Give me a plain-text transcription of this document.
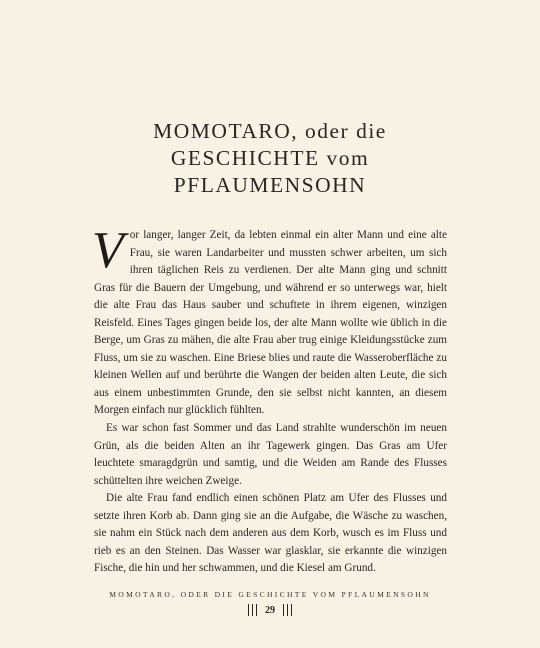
MOMOTARO, oder die
GESCHICHTE vom
PFLAUMENSOHN

Vor langer, langer Zeit, da lebten einmal ein alter Mann und eine alte Frau, sie waren Landarbeiter und mussten schwer arbeiten, um sich ihren täglichen Reis zu verdienen. Der alte Mann ging und schnitt Gras für die Bauern der Umgebung, und während er so unterwegs war, hielt die alte Frau das Haus sauber und schuftete in ihrem eigenen, winzigen Reisfeld. Eines Tages gingen beide los, der alte Mann wollte wie üblich in die Berge, um Gras zu mähen, die alte Frau aber trug einige Kleidungsstücke zum Fluss, um sie zu waschen. Eine Briese blies und raute die Wasseroberfläche zu kleinen Wellen auf und berührte die Wangen der beiden alten Leute, die sich aus einem unbestimmten Grunde, den sie selbst nicht kannten, an diesem Morgen einfach nur glücklich fühlten.

Es war schon fast Sommer und das Land strahlte wunderschön im neuen Grün, als die beiden Alten an ihr Tagewerk gingen. Das Gras am Ufer leuchtete smaragdgrün und samtig, und die Weiden am Rande des Flusses schüttelten ihre weichen Zweige.

Die alte Frau fand endlich einen schönen Platz am Ufer des Flusses und setzte ihren Korb ab. Dann ging sie an die Aufgabe, die Wäsche zu waschen, sie nahm ein Stück nach dem anderen aus dem Korb, wusch es im Fluss und rieb es an den Steinen. Das Wasser war glasklar, sie erkannte die winzigen Fische, die hin und her schwammen, und die Kiesel am Grund.

MOMOTARO, ODER DIE GESCHICHTE VOM PFLAUMENSOHN
29
